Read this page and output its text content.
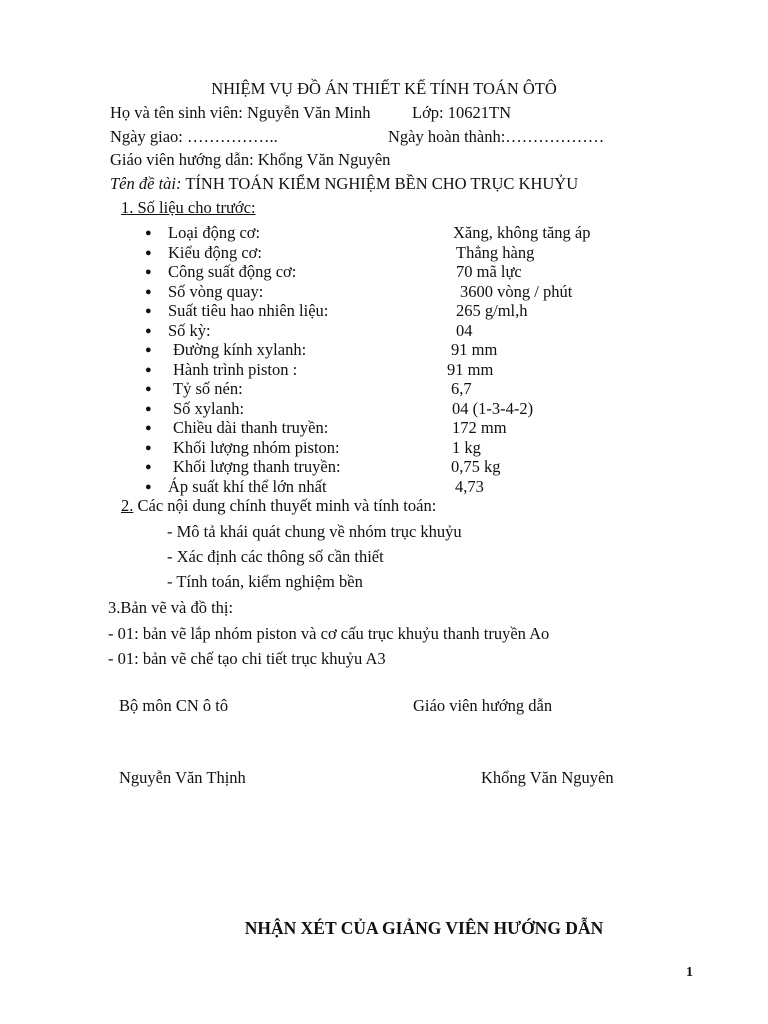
NHIỆM VỤ ĐỒ ÁN THIẾT KẾ TÍNH TOÁN ÔTÔ
Họ và tên sinh viên: Nguyễn Văn Minh	Lớp: 10621TN
Ngày giao: ……………..	Ngày hoàn thành:………………
Giáo viên hướng dẫn: Khổng Văn Nguyên
Tên đề tài: TÍNH TOÁN KIỂM NGHIỆM BỀN CHO TRỤC KHUỶU
1. Số liệu cho trước:
● Loại động cơ:	Xăng, không tăng áp
● Kiểu động cơ:	Thẳng hàng
● Công suất động cơ:	70 mã lực
● Số vòng quay:	3600 vòng / phút
● Suất tiêu hao nhiên liệu:	265 g/ml,h
● Số kỳ:	04
● Đường kính xylanh:	91 mm
● Hành trình piston :	91 mm
● Tỷ số nén:	6,7
● Số xylanh:	04 (1-3-4-2)
● Chiều dài thanh truyền:	172 mm
● Khối lượng nhóm piston:	1 kg
● Khối lượng thanh truyền:	0,75 kg
● Áp suất khí thể lớn nhất	4,73
2. Các nội dung chính thuyết minh và tính toán:
- Mô tả khái quát chung về nhóm trục khuỷu
- Xác định các thông số cần thiết
- Tính toán, kiểm nghiệm bền
3.Bản vẽ và đồ thị:
- 01: bản vẽ lắp nhóm piston và cơ cấu trục khuỷu thanh truyền Ao
- 01: bản vẽ chế tạo chi tiết trục khuỷu A3
Bộ môn CN ô tô	Giáo viên hướng dẫn
Nguyễn Văn Thịnh	Khổng Văn Nguyên
NHẬN XÉT CỦA GIẢNG VIÊN HƯỚNG DẪN
1
